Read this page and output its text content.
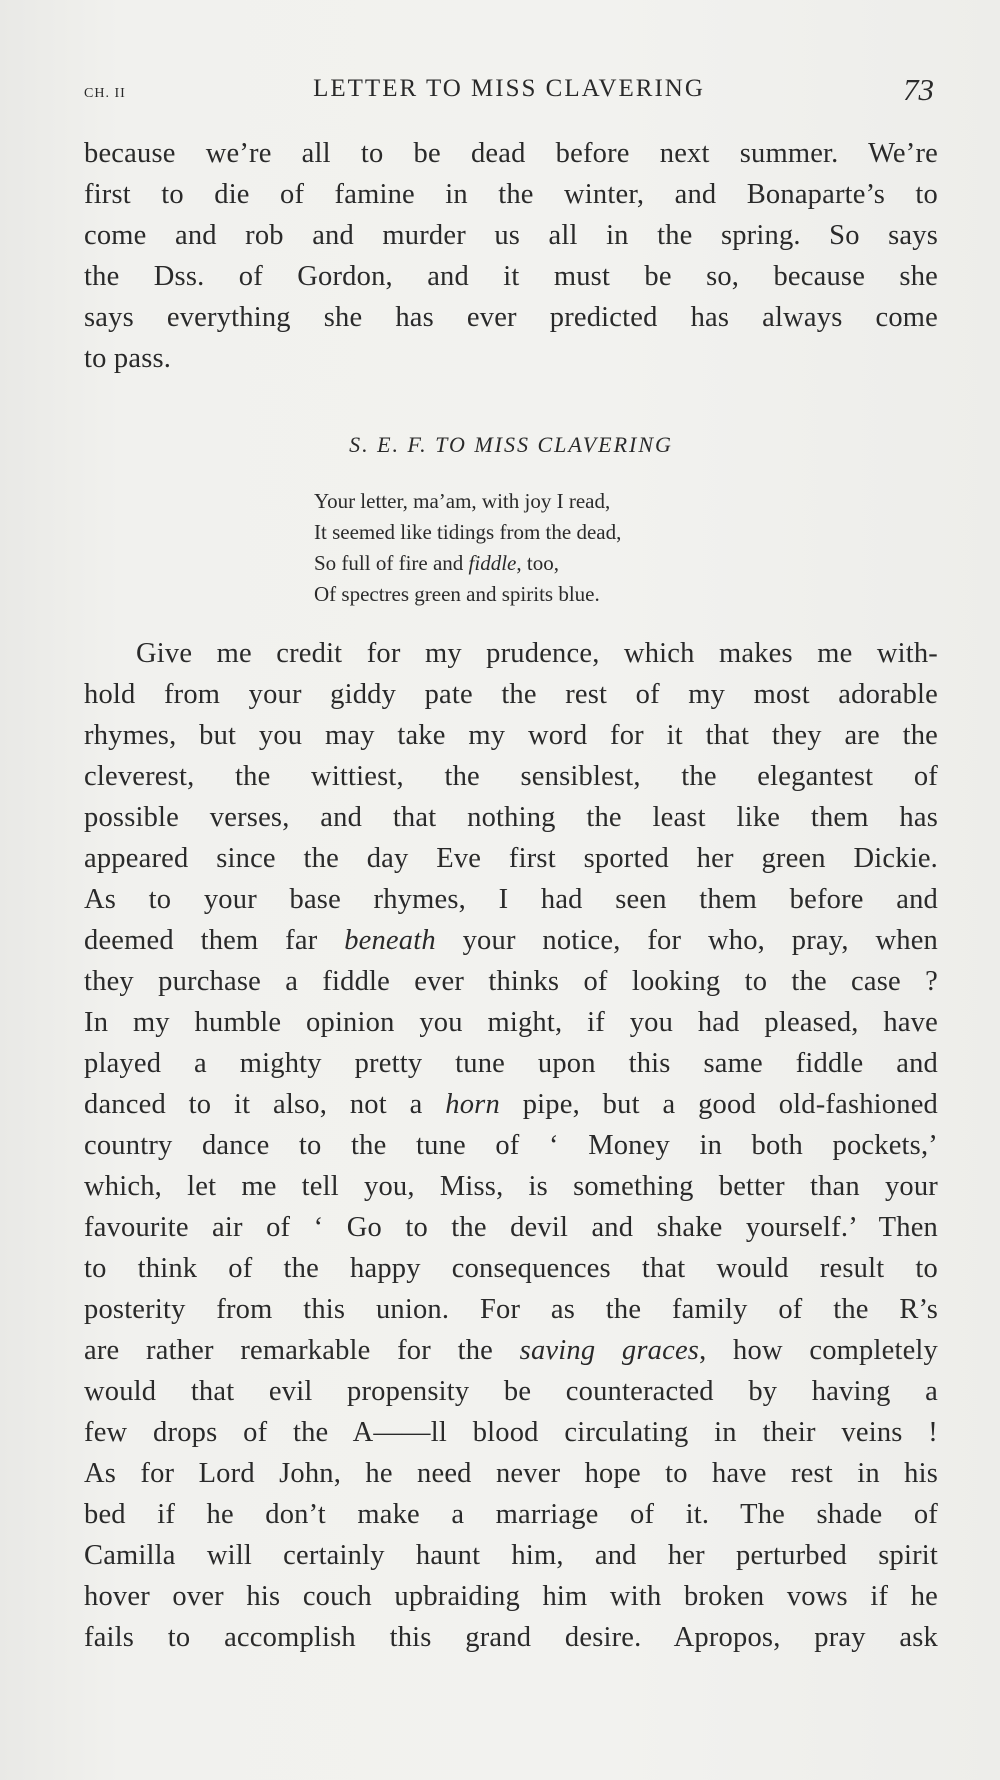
CH. II	LETTER TO MISS CLAVERING	73
because we’re all to be dead before next summer. We’re
first to die of famine in the winter, and Bonaparte’s to
come and rob and murder us all in the spring. So says
the Dss. of Gordon, and it must be so, because she
says everything she has ever predicted has always come
to pass.
S. E. F. TO MISS CLAVERING
Your letter, ma’am, with joy I read,
It seemed like tidings from the dead,
So full of fire and fiddle, too,
Of spectres green and spirits blue.
Give me credit for my prudence, which makes me with-
hold from your giddy pate the rest of my most adorable
rhymes, but you may take my word for it that they are the
cleverest, the wittiest, the sensiblest, the elegantest of
possible verses, and that nothing the least like them has
appeared since the day Eve first sported her green Dickie.
As to your base rhymes, I had seen them before and
deemed them far beneath your notice, for who, pray, when
they purchase a fiddle ever thinks of looking to the case ?
In my humble opinion you might, if you had pleased, have
played a mighty pretty tune upon this same fiddle and
danced to it also, not a horn pipe, but a good old-fashioned
country dance to the tune of ‘ Money in both pockets,’
which, let me tell you, Miss, is something better than your
favourite air of ‘ Go to the devil and shake yourself.’ Then
to think of the happy consequences that would result to
posterity from this union. For as the family of the R’s
are rather remarkable for the saving graces, how completely
would that evil propensity be counteracted by having a
few drops of the A——ll blood circulating in their veins !
As for Lord John, he need never hope to have rest in his
bed if he don’t make a marriage of it. The shade of
Camilla will certainly haunt him, and her perturbed spirit
hover over his couch upbraiding him with broken vows if he
fails to accomplish this grand desire. Apropos, pray ask
